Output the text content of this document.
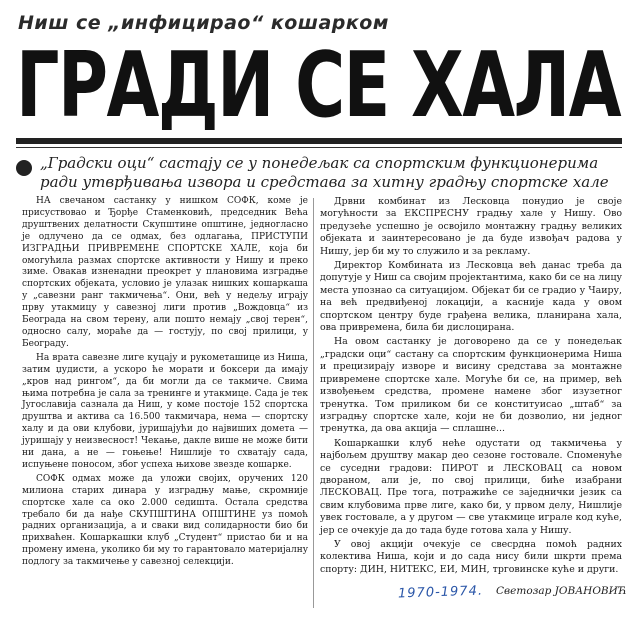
Ниш се „инфицирао“ кошарком
ГРАДИ СЕ ХАЛА
„Градски оци“ састају се у понедељак са спортским функционерима ради утврђивања извора и средстава за хитну градњу спортске хале

НА свечаном састанку у нишком СОФК, коме је присуствовао и Ђорђе Стаменковић, председник Већа друштвених делатности Скупштине општине, једногласно је одлучено да се одмах, без одлагања, ПРИСТУПИ ИЗГРАДЊИ ПРИВРЕМЕНЕ СПОРТСКЕ ХАЛЕ, која би омогућила размах спортске активности у Нишу и преко зиме. Овакав изненадни преокрет у плановима изградње спортских објеката, условио је улазак нишких кошаркаша у „савезни ранг такмичења“. Они, већ у недељу играју прву утакмицу у савезној лиги против „Вождовца“ из Београда на свом терену, али пошто немају „свој терен“, односно салу, мораће да — гостују, по свој прилици, у Београду.

На врата савезне лиге куцају и рукометашице из Ниша, затим џудисти, а ускоро ће морати и боксери да имају „кров над рингом“, да би могли да се такмиче. Свима њима потребна је сала за тренинге и утакмице. Сада је тек Југославија сазнала да Ниш, у коме постоје 152 спортска друштва и актива са 16.500 такмичара, нема — спортску халу и да ови клубови, јуришајући до највиших домета — јуришају у неизвесност! Чекање, дакле више не може бити ни дана, а не — гоњење! Нишлије то схватају сада, испуњене поносом, због успеха њихове звезде кошарке.

СОФК одмах може да уложи својих, оручених 120 милиона старих динара у изградњу мање, скромније спортске хале са око 2.000 седишта. Остала средства требало би да нађе СКУПШТИНА ОПШТИНЕ уз помоћ радних организација, а и сваки вид солидарности био би прихваћен. Кошаркашки клуб „Студент“ пристао би и на промену имена, уколико би му то гарантовало материјалну подлогу за такмичење у савезној селекцији.

Дрвни комбинат из Лесковца понудио је своје могућности за ЕКСПРЕСНУ градњу хале у Нишу. Ово предузеће успешно је освојило монтажну градњу великих објеката и заинтересовано је да буде извођач радова у Нишу, јер би му то служило и за рекламу.

Директор Комбината из Лесковца већ данас треба да допутује у Ниш са својим пројектантима, како би се на лицу места упознао са ситуацијом. Објекат би се градио у Чаиру, на већ предвиђеној локацији, а касније када у овом спортском центру буде грађена велика, планирана хала, ова привремена, била би дислоцирана.

На овом састанку је договорено да се у понедељак „градски оци“ састану са спортским функционерима Ниша и прецизирају изворе и висину средстава за монтажне привремене спортске хале. Могуће би се, на пример, већ извођењем средства, промене намене због изузетног тренутка. Том приликом би се конституисао „штаб“ за изградњу спортске хале, који не би дозволио, ни једног тренутка, да ова акција — сплашне...

Кошаркашки клуб неће одустати од такмичења у најбољем друштву макар део сезоне гостовале. Споменуће се суседни градови: ПИРОТ и ЛЕСКОВАЦ са новом двораном, али је, по свој прилици, биће изабрани ЛЕСКОВАЦ. Пре тога, потражиће се заједнички језик са свим клубовима прве лиге, како би, у првом делу, Нишлије увек гостовале, а у другом — све утакмице играле код куће, јер се очекује да до тада буде готова хала у Нишу.

У овој акцији очекује се свесрдна помоћ радних колектива Ниша, који и до сада нису били шкрти према спорту: ДИН, НИТЕКС, ЕИ, МИН, трговинске куће и други.

1970-1974. Светозар ЈОВАНОВИЋ
